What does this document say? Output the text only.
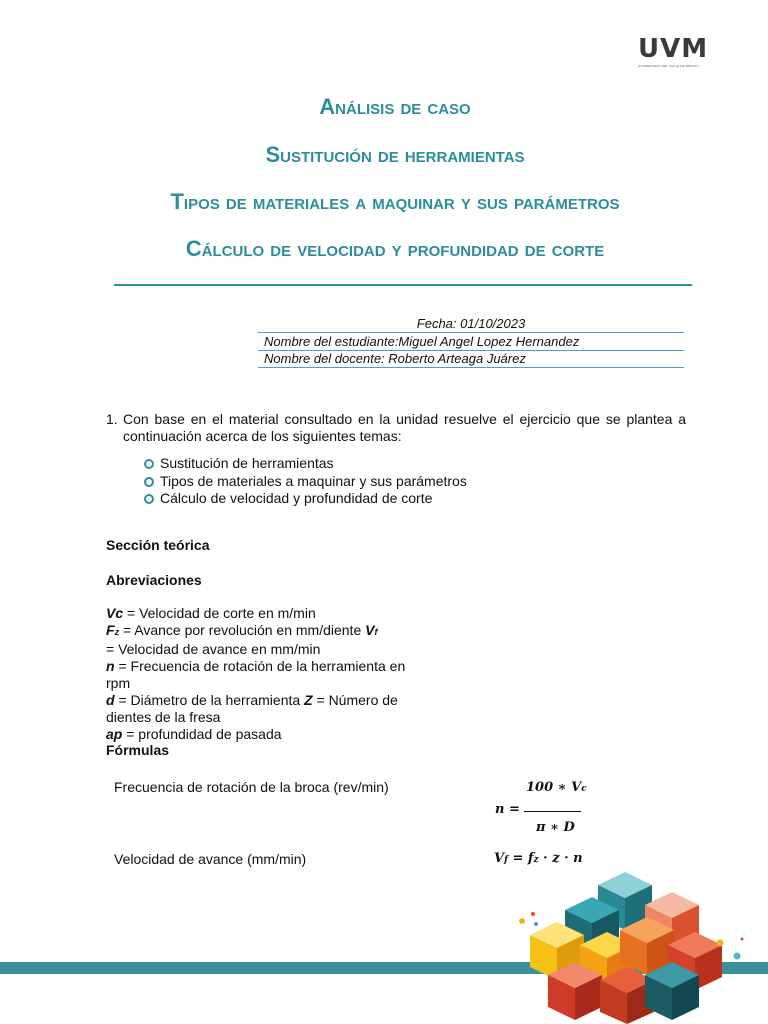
UVM
UNIVERSIDAD DEL VALLE DE MÉXICO
Análisis de caso
Sustitución de herramientas
Tipos de materiales a maquinar y sus parámetros
Cálculo de velocidad y profundidad de corte
Fecha: 01/10/2023
Nombre del estudiante:Miguel Angel Lopez Hernandez
Nombre del docente: Roberto Arteaga Juárez
1. Con base en el material consultado en la unidad resuelve el ejercicio que se plantea a continuación acerca de los siguientes temas:
Sustitución de herramientas
Tipos de materiales a maquinar y sus parámetros
Cálculo de velocidad y profundidad de corte
Sección teórica
Abreviaciones
Vc = Velocidad de corte en m/min
Fz = Avance por revolución en mm/diente Vf
= Velocidad de avance en mm/min
n = Frecuencia de rotación de la herramienta en rpm
d = Diámetro de la herramienta Z = Número de dientes de la fresa
ap = profundidad de pasada
Fórmulas
Frecuencia de rotación de la broca (rev/min)	100 ∗ Vc
n =
π ∗ D
Velocidad de avance (mm/min)	Vf = fz · z · n
